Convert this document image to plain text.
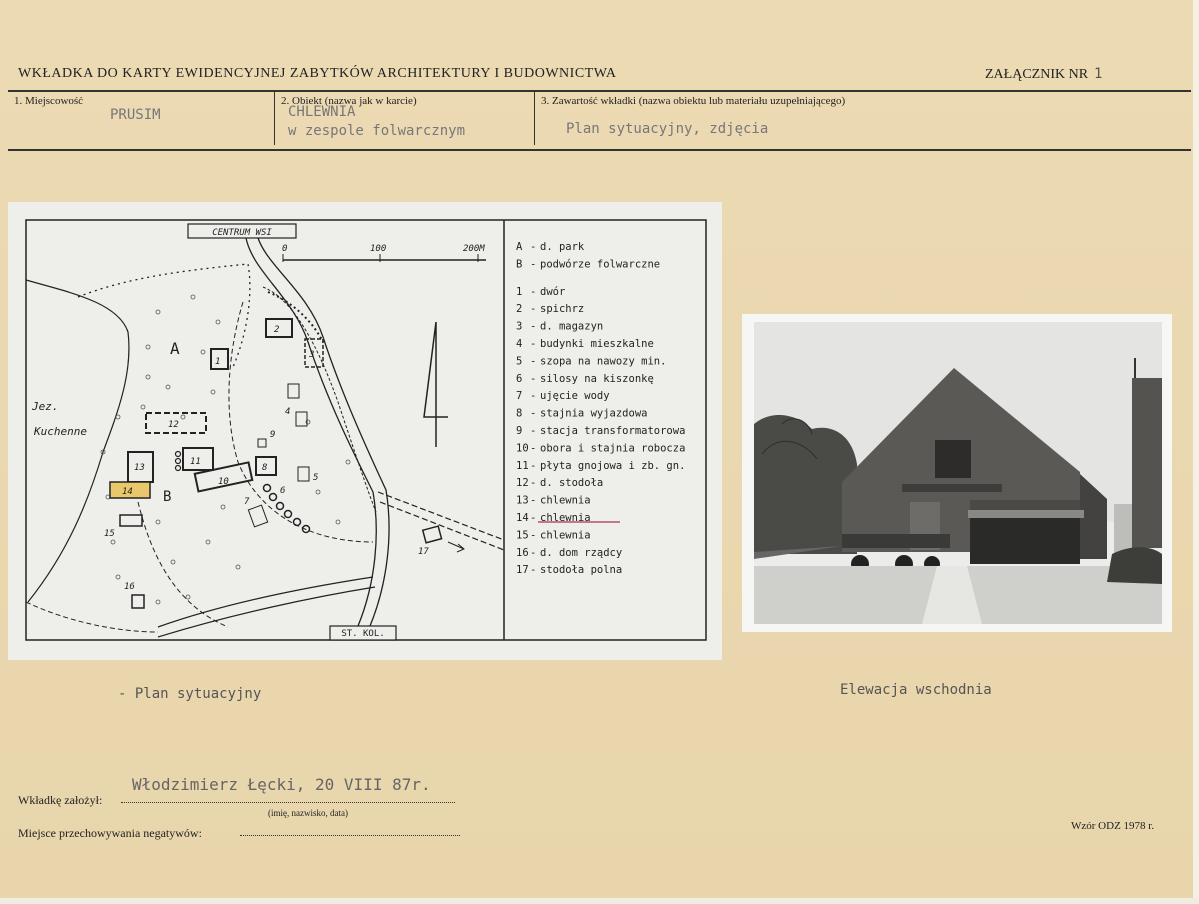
WKŁADKA DO KARTY EWIDENCYJNEJ ZABYTKÓW ARCHITEKTURY I BUDOWNICTWA	ZAŁĄCZNIK NR 1
1. Miejscowość
PRUSIM
2. Obiekt (nazwa jak w karcie)
CHLEWNIA
w zespole folwarcznym
3. Zawartość wkładki (nazwa obiektu lub materiału uzupełniającego)
Plan sytuacyjny, zdjęcia
CENTRUM WSI
ST. KOL.
0	100	200M
Jez.
Kuchenne
A
B
1
2
3
4
5
6
7
8
9
10
11
12
13
14
15
16
17
A - d. park
B - podwórze folwarczne
1 - dwór
2 - spichrz
3 - d. magazyn
4 - budynki mieszkalne
5 - szopa na nawozy min.
6 - silosy na kiszonkę
7 - ujęcie wody
8 - stajnia wyjazdowa
9 - stacja transformatorowa
10 - obora i stajnia robocza
11 - płyta gnojowa i zb. gn.
12 - d. stodoła
13 - chlewnia
14 - chlewnia
15 - chlewnia
16 - d. dom rządcy
17 - stodoła polna
- Plan sytuacyjny	Elewacja wschodnia
Wkładkę założył:
Włodzimierz Łęcki, 20 VIII 87r.
(imię, nazwisko, data)
Miejsce przechowywania negatywów:	Wzór ODZ 1978 r.
